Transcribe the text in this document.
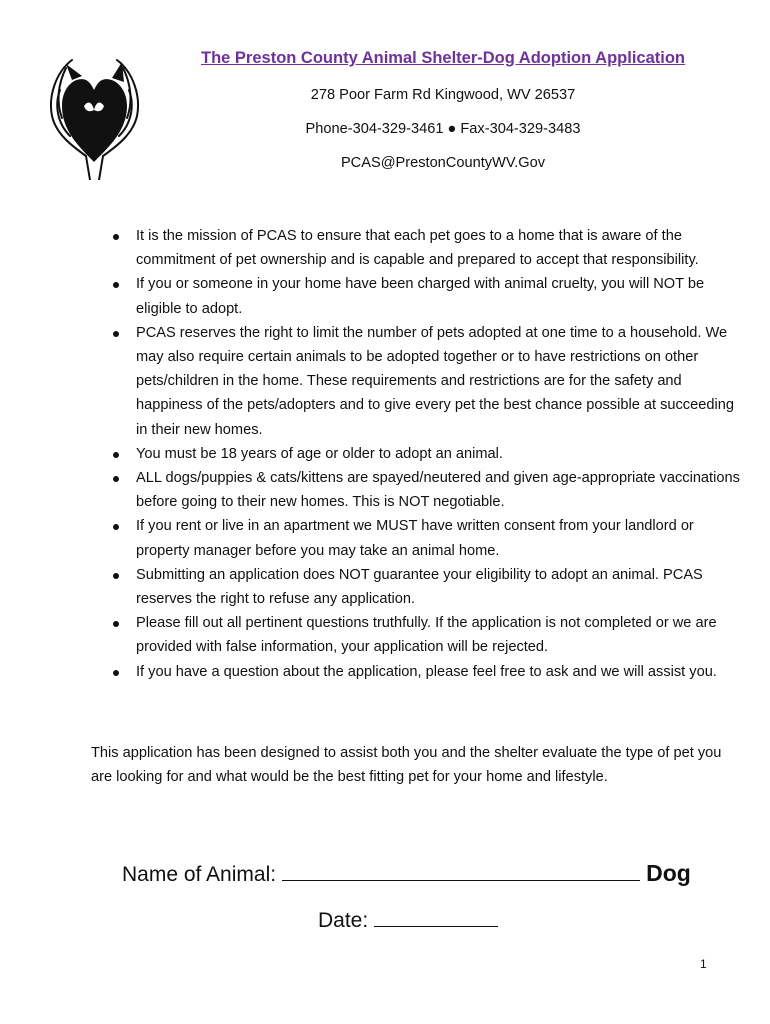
The Preston County Animal Shelter-Dog Adoption Application
278 Poor Farm Rd Kingwood, WV 26537
Phone-304-329-3461 ● Fax-304-329-3483
PCAS@PrestonCountyWV.Gov
It is the mission of PCAS to ensure that each pet goes to a home that is aware of the commitment of pet ownership and is capable and prepared to accept that responsibility.
If you or someone in your home have been charged with animal cruelty, you will NOT be eligible to adopt.
PCAS reserves the right to limit the number of pets adopted at one time to a household. We may also require certain animals to be adopted together or to have restrictions on other pets/children in the home. These requirements and restrictions are for the safety and happiness of the pets/adopters and to give every pet the best chance possible at succeeding in their new homes.
You must be 18 years of age or older to adopt an animal.
ALL dogs/puppies & cats/kittens are spayed/neutered and given age-appropriate vaccinations before going to their new homes. This is NOT negotiable.
If you rent or live in an apartment we MUST have written consent from your landlord or property manager before you may take an animal home.
Submitting an application does NOT guarantee your eligibility to adopt an animal. PCAS reserves the right to refuse any application.
Please fill out all pertinent questions truthfully. If the application is not completed or we are provided with false information, your application will be rejected.
If you have a question about the application, please feel free to ask and we will assist you.
This application has been designed to assist both you and the shelter evaluate the type of pet you are looking for and what would be the best fitting pet for your home and lifestyle.
Name of Animal:	Dog
Date:
1
